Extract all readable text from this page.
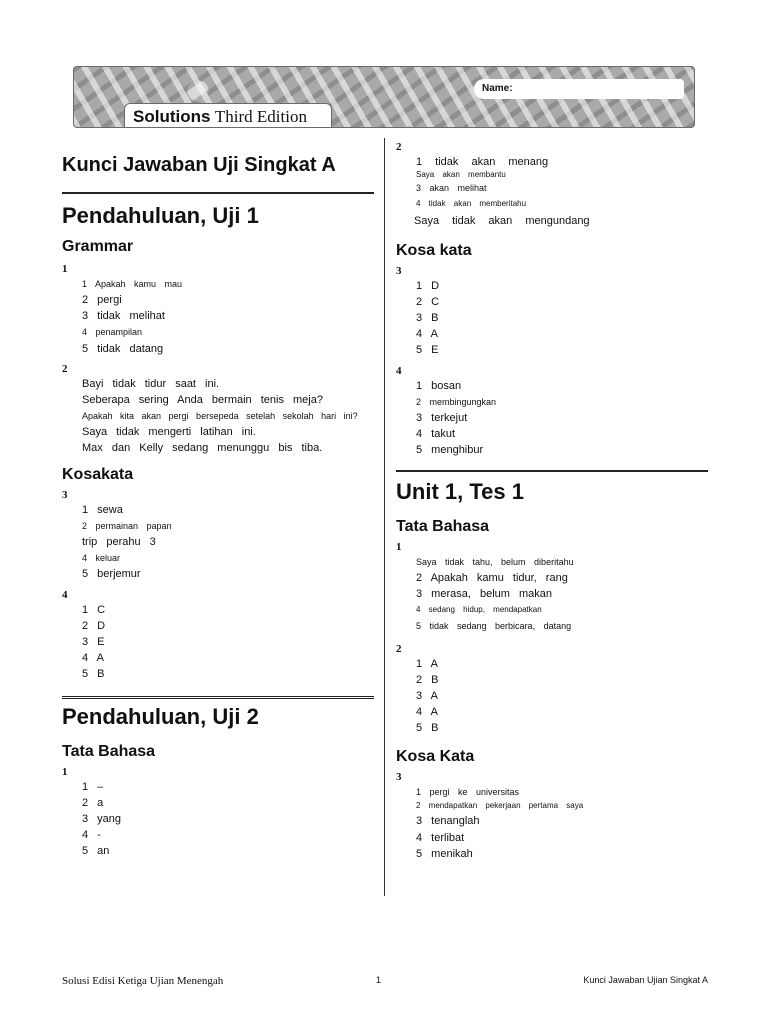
Name:
Solutions Third Edition
Kunci Jawaban Uji Singkat A
Pendahuluan, Uji 1
Grammar
1
1 Apakah kamu mau
2 pergi
3 tidak melihat
4 penampilan
5 tidak datang
2
Bayi tidak tidur saat ini.
Seberapa sering Anda bermain tenis meja?
Apakah kita akan pergi bersepeda setelah sekolah hari ini?
Saya tidak mengerti latihan ini.
Max dan Kelly sedang menunggu bis tiba.
Kosakata
3
1 sewa
2 permainan papan
trip perahu 3
4 keluar
5 berjemur
4
1 C
2 D
3 E
4 A
5 B
Pendahuluan, Uji 2
Tata Bahasa
1
1 –
2 a
3 yang
4 -
5 an
2
1 tidak akan menang
Saya akan membantu
3 akan melihat
4 tidak akan memberitahu
Saya tidak akan mengundang
Kosa kata
3
1 D
2 C
3 B
4 A
5 E
4
1 bosan
2 membingungkan
3 terkejut
4 takut
5 menghibur
Unit 1, Tes 1
Tata Bahasa
1
Saya tidak tahu, belum diberitahu
2 Apakah kamu tidur, rang
3 merasa, belum makan
4 sedang hidup, mendapatkan
5 tidak sedang berbicara, datang
2
1 A
2 B
3 A
4 A
5 B
Kosa Kata
3
1 pergi ke universitas
2 mendapatkan pekerjaan pertama saya
3 tenanglah
4 terlibat
5 menikah
Solusi Edisi Ketiga Ujian Menengah	1	Kunci Jawaban Ujian Singkat A
